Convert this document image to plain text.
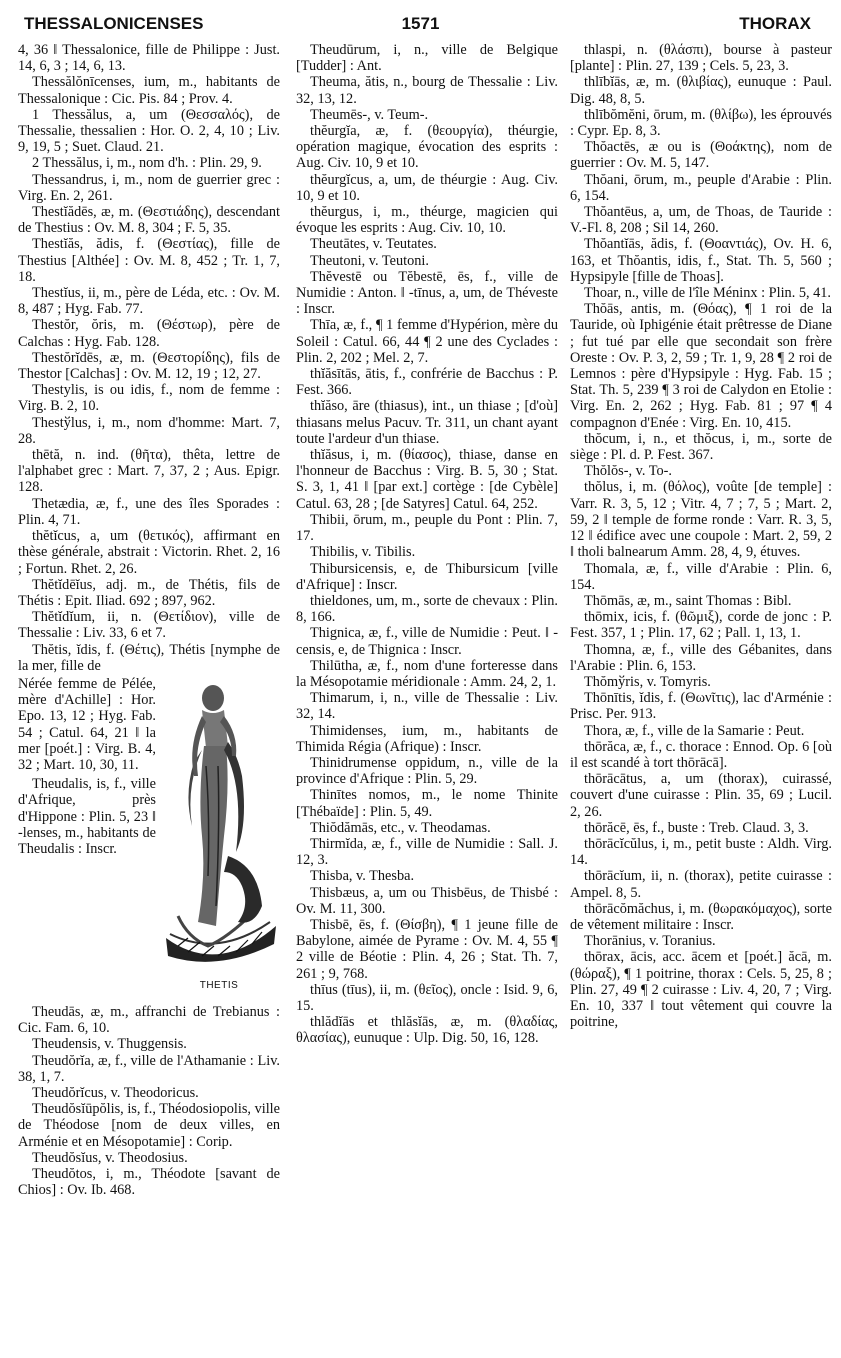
THESSALONICENSES	1571	THORAX

4, 36 ‖ Thessalonice, fille de Philippe : Just. 14, 6, 3 ; 14, 6, 13.

Thessălŏnīcenses, ium, m., habitants de Thessalonique : Cic. Pis. 84 ; Prov. 4.

1 Thessălus, a, um (Θεσσαλός), de Thessalie, thessalien : Hor. O. 2, 4, 10 ; Liv. 9, 19, 5 ; Suet. Claud. 21.

2 Thessălus, i, m., nom d'h. : Plin. 29, 9.

Thessandrus, i, m., nom de guerrier grec : Virg. En. 2, 261.

Thestĭădēs, æ, m. (Θεστιάδης), descendant de Thestius : Ov. M. 8, 304 ; F. 5, 35.

Thestĭăs, ădis, f. (Θεστίας), fille de Thestius [Althée] : Ov. M. 8, 452 ; Tr. 1, 7, 18.

Thestĭus, ii, m., père de Léda, etc. : Ov. M. 8, 487 ; Hyg. Fab. 77.

Thestŏr, ŏris, m. (Θέστωρ), père de Calchas : Hyg. Fab. 128.

Thestŏrĭdēs, æ, m. (Θεστορίδης), fils de Thestor [Calchas] : Ov. M. 12, 19 ; 12, 27.

Thestylis, is ou idis, f., nom de femme : Virg. B. 2, 10.

Thestўlus, i, m., nom d'homme: Mart. 7, 28.

thētă, n. ind. (θῆτα), thêta, lettre de l'alphabet grec : Mart. 7, 37, 2 ; Aus. Epigr. 128.

Thetædia, æ, f., une des îles Sporades : Plin. 4, 71.

thĕtĭcus, a, um (θετικός), affirmant en thèse générale, abstrait : Victorin. Rhet. 2, 16 ; Fortun. Rhet. 2, 26.

Thĕtĭdēĭus, adj. m., de Thétis, fils de Thétis : Epit. Iliad. 692 ; 897, 962.

Thĕtĭdĭum, ii, n. (Θετίδιον), ville de Thessalie : Liv. 33, 6 et 7.

Thĕtis, ĭdis, f. (Θέτις), Thétis [nymphe de la mer, fille de

Nérée femme de Pélée, mère d'Achille] : Hor. Epo. 13, 12 ; Hyg. Fab. 54 ; Catul. 64, 21 ‖ la mer [poét.] : Virg. B. 4, 32 ; Mart. 10, 30, 11.

Theudalis, is, f., ville d'Afrique, près d'Hippone : Plin. 5, 23 ‖ -lenses, m., habitants de Theudalis : Inscr.

THETIS

Theudās, æ, m., affranchi de Trebianus : Cic. Fam. 6, 10.

Theudensis, v. Thuggensis.

Theudŏrĭa, æ, f., ville de l'Athamanie : Liv. 38, 1, 7.

Theudŏrĭcus, v. Theodoricus.

Theudŏsĭūpŏlis, is, f., Théodosiopolis, ville de Théodose [nom de deux villes, en Arménie et en Mésopotamie] : Corip.

Theudŏsĭus, v. Theodosius.

Theudŏtos, i, m., Théodote [savant de Chios] : Ov. Ib. 468.

Theudūrum, i, n., ville de Belgique [Tudder] : Ant.

Theuma, ătis, n., bourg de Thessalie : Liv. 32, 13, 12.

Theumēs-, v. Teum-.

thĕurgĭa, æ, f. (θεουργία), théurgie, opération magique, évocation des esprits : Aug. Civ. 10, 9 et 10.

thĕurgĭcus, a, um, de théurgie : Aug. Civ. 10, 9 et 10.

thĕurgus, i, m., théurge, magicien qui évoque les esprits : Aug. Civ. 10, 10.

Theutātes, v. Teutates.

Theutoni, v. Teutoni.

Thĕvestē ou Tĕbestē, ēs, f., ville de Numidie : Anton. ‖ -tīnus, a, um, de Théveste : Inscr.

Thīa, æ, f., ¶ 1 femme d'Hypérion, mère du Soleil : Catul. 66, 44 ¶ 2 une des Cyclades : Plin. 2, 202 ; Mel. 2, 7.

thĭăsītās, ātis, f., confrérie de Bacchus : P. Fest. 366.

thĭăso, āre (thiasus), int., un thiase ; [d'où] thiasans melus Pacuv. Tr. 311, un chant ayant toute l'ardeur d'un thiase.

thĭăsus, i, m. (θίασος), thiase, danse en l'honneur de Bacchus : Virg. B. 5, 30 ; Stat. S. 3, 1, 41 ‖ [par ext.] cortège : [de Cybèle] Catul. 63, 28 ; [de Satyres] Catul. 64, 252.

Thibii, ōrum, m., peuple du Pont : Plin. 7, 17.

Thibilis, v. Tibilis.

Thibursicensis, e, de Thibursicum [ville d'Afrique] : Inscr.

thieldones, um, m., sorte de chevaux : Plin. 8, 166.

Thignica, æ, f., ville de Numidie : Peut. ‖ -censis, e, de Thignica : Inscr.

Thilūtha, æ, f., nom d'une forteresse dans la Mésopotamie méridionale : Amm. 24, 2, 1.

Thimarum, i, n., ville de Thessalie : Liv. 32, 14.

Thimidenses, ium, m., habitants de Thimida Régia (Afrique) : Inscr.

Thinidrumense oppidum, n., ville de la province d'Afrique : Plin. 5, 29.

Thinītes nomos, m., le nome Thinite [Thébaïde] : Plin. 5, 49.

Thiŏdămās, etc., v. Theodamas.

Thirmĭda, æ, f., ville de Numidie : Sall. J. 12, 3.

Thisba, v. Thesba.

Thisbæus, a, um ou Thisbēus, de Thisbé : Ov. M. 11, 300.

Thisbē, ēs, f. (Θίσβη), ¶ 1 jeune fille de Babylone, aimée de Pyrame : Ov. M. 4, 55 ¶ 2 ville de Béotie : Plin. 4, 26 ; Stat. Th. 7, 261 ; 9, 768.

thīus (tīus), ii, m. (θεῖος), oncle : Isid. 9, 6, 15.

thlădĭās et thlăsĭās, æ, m. (θλαδίας, θλασίας), eunuque : Ulp. Dig. 50, 16, 128.

thlaspi, n. (θλάσπι), bourse à pasteur [plante] : Plin. 27, 139 ; Cels. 5, 23, 3.

thlībĭās, æ, m. (θλιβίας), eunuque : Paul. Dig. 48, 8, 5.

thlībŏmĕni, ōrum, m. (θλίβω), les éprouvés : Cypr. Ep. 8, 3.

Thŏactēs, æ ou is (Θοάκτης), nom de guerrier : Ov. M. 5, 147.

Thŏani, ōrum, m., peuple d'Arabie : Plin. 6, 154.

Thŏantēus, a, um, de Thoas, de Tauride : V.-Fl. 8, 208 ; Sil 14, 260.

Thŏantĭās, ădis, f. (Θοαντιάς), Ov. H. 6, 163, et Thŏantis, idis, f., Stat. Th. 5, 560 ; Hypsipyle [fille de Thoas].

Thoar, n., ville de l'île Méninx : Plin. 5, 41.

Thŏās, antis, m. (Θόας), ¶ 1 roi de la Tauride, où Iphigénie était prêtresse de Diane ; fut tué par elle que secondait son frère Oreste : Ov. P. 3, 2, 59 ; Tr. 1, 9, 28 ¶ 2 roi de Lemnos : père d'Hypsipyle : Hyg. Fab. 15 ; Stat. Th. 5, 239 ¶ 3 roi de Calydon en Etolie : Virg. En. 2, 262 ; Hyg. Fab. 81 ; 97 ¶ 4 compagnon d'Enée : Virg. En. 10, 415.

thŏcum, i, n., et thŏcus, i, m., sorte de siège : Pl. d. P. Fest. 367.

Thŏlŏs-, v. To-.

thŏlus, i, m. (θόλος), voûte [de temple] : Varr. R. 3, 5, 12 ; Vitr. 4, 7 ; 7, 5 ; Mart. 2, 59, 2 ‖ temple de forme ronde : Varr. R. 3, 5, 12 ‖ édifice avec une coupole : Mart. 2, 59, 2 ‖ tholi balnearum Amm. 28, 4, 9, étuves.

Thomala, æ, f., ville d'Arabie : Plin. 6, 154.

Thōmās, æ, m., saint Thomas : Bibl.

thōmix, icis, f. (θῶμιξ), corde de jonc : P. Fest. 357, 1 ; Plin. 17, 62 ; Pall. 1, 13, 1.

Thomna, æ, f., ville des Gébanites, dans l'Arabie : Plin. 6, 153.

Thŏmўris, v. Tomyris.

Thōnītis, ĭdis, f. (Θωνῖτις), lac d'Arménie : Prisc. Per. 913.

Thora, æ, f., ville de la Samarie : Peut.

thōrăca, æ, f., c. thorace : Ennod. Op. 6 [où il est scandé à tort thōrācā].

thōrācātus, a, um (thorax), cuirassé, couvert d'une cuirasse : Plin. 35, 69 ; Lucil. 2, 26.

thōrăcē, ēs, f., buste : Treb. Claud. 3, 3.

thōrācĭcŭlus, i, m., petit buste : Aldh. Virg. 14.

thōrācĭum, ii, n. (thorax), petite cuirasse : Ampel. 8, 5.

thōrācŏmăchus, i, m. (θωρακόμαχος), sorte de vêtement militaire : Inscr.

Thorānius, v. Toranius.

thōrax, ācis, acc. ācem et [poét.] ăcā, m. (θώραξ), ¶ 1 poitrine, thorax : Cels. 5, 25, 8 ; Plin. 27, 49 ¶ 2 cuirasse : Liv. 4, 20, 7 ; Virg. En. 10, 337 ‖ tout vêtement qui couvre la poitrine,
